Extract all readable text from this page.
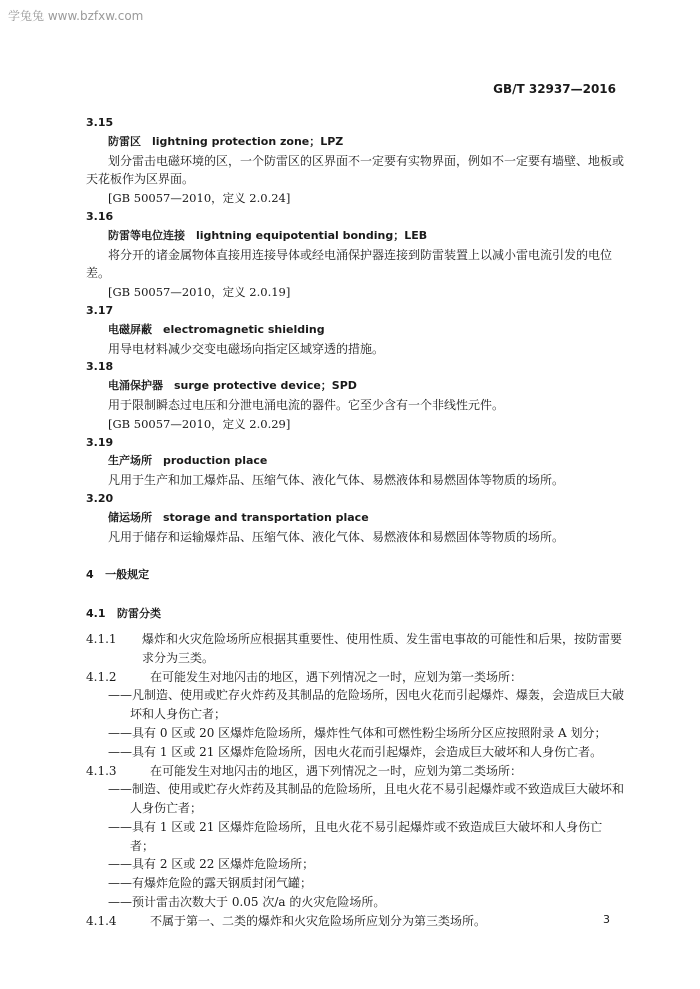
学兔兔 www.bzfxw.com
GB/T 32937—2016
3.15
防雷区　lightning protection zone；LPZ
划分雷击电磁环境的区，一个防雷区的区界面不一定要有实物界面，例如不一定要有墙壁、地板或天花板作为区界面。
[GB 50057—2010，定义 2.0.24]
3.16
防雷等电位连接　lightning equipotential bonding；LEB
将分开的诸金属物体直接用连接导体或经电涌保护器连接到防雷装置上以减小雷电流引发的电位差。
[GB 50057—2010，定义 2.0.19]
3.17
电磁屏蔽　electromagnetic shielding
用导电材料减少交变电磁场向指定区域穿透的措施。
3.18
电涌保护器　surge protective device；SPD
用于限制瞬态过电压和分泄电涌电流的器件。它至少含有一个非线性元件。
[GB 50057—2010，定义 2.0.29]
3.19
生产场所　production place
凡用于生产和加工爆炸品、压缩气体、液化气体、易燃液体和易燃固体等物质的场所。
3.20
储运场所　storage and transportation place
凡用于储存和运输爆炸品、压缩气体、液化气体、易燃液体和易燃固体等物质的场所。
4 一般规定
4.1 防雷分类
4.1.1 爆炸和火灾危险场所应根据其重要性、使用性质、发生雷电事故的可能性和后果，按防雷要求分为三类。
4.1.2	在可能发生对地闪击的地区，遇下列情况之一时，应划为第一类场所：
—— 凡制造、使用或贮存火炸药及其制品的危险场所，因电火花而引起爆炸、爆轰，会造成巨大破坏和人身伤亡者；
—— 具有 0 区或 20 区爆炸危险场所，爆炸性气体和可燃性粉尘场所分区应按照附录 A 划分；
—— 具有 1 区或 21 区爆炸危险场所，因电火花而引起爆炸，会造成巨大破坏和人身伤亡者。
4.1.3	在可能发生对地闪击的地区，遇下列情况之一时，应划为第二类场所：
—— 制造、使用或贮存火炸药及其制品的危险场所，且电火花不易引起爆炸或不致造成巨大破坏和人身伤亡者；
—— 具有 1 区或 21 区爆炸危险场所，且电火花不易引起爆炸或不致造成巨大破坏和人身伤亡者；
—— 具有 2 区或 22 区爆炸危险场所；
—— 有爆炸危险的露天钢质封闭气罐；
—— 预计雷击次数大于 0.05 次/a 的火灾危险场所。
4.1.4	不属于第一、二类的爆炸和火灾危险场所应划分为第三类场所。	3
